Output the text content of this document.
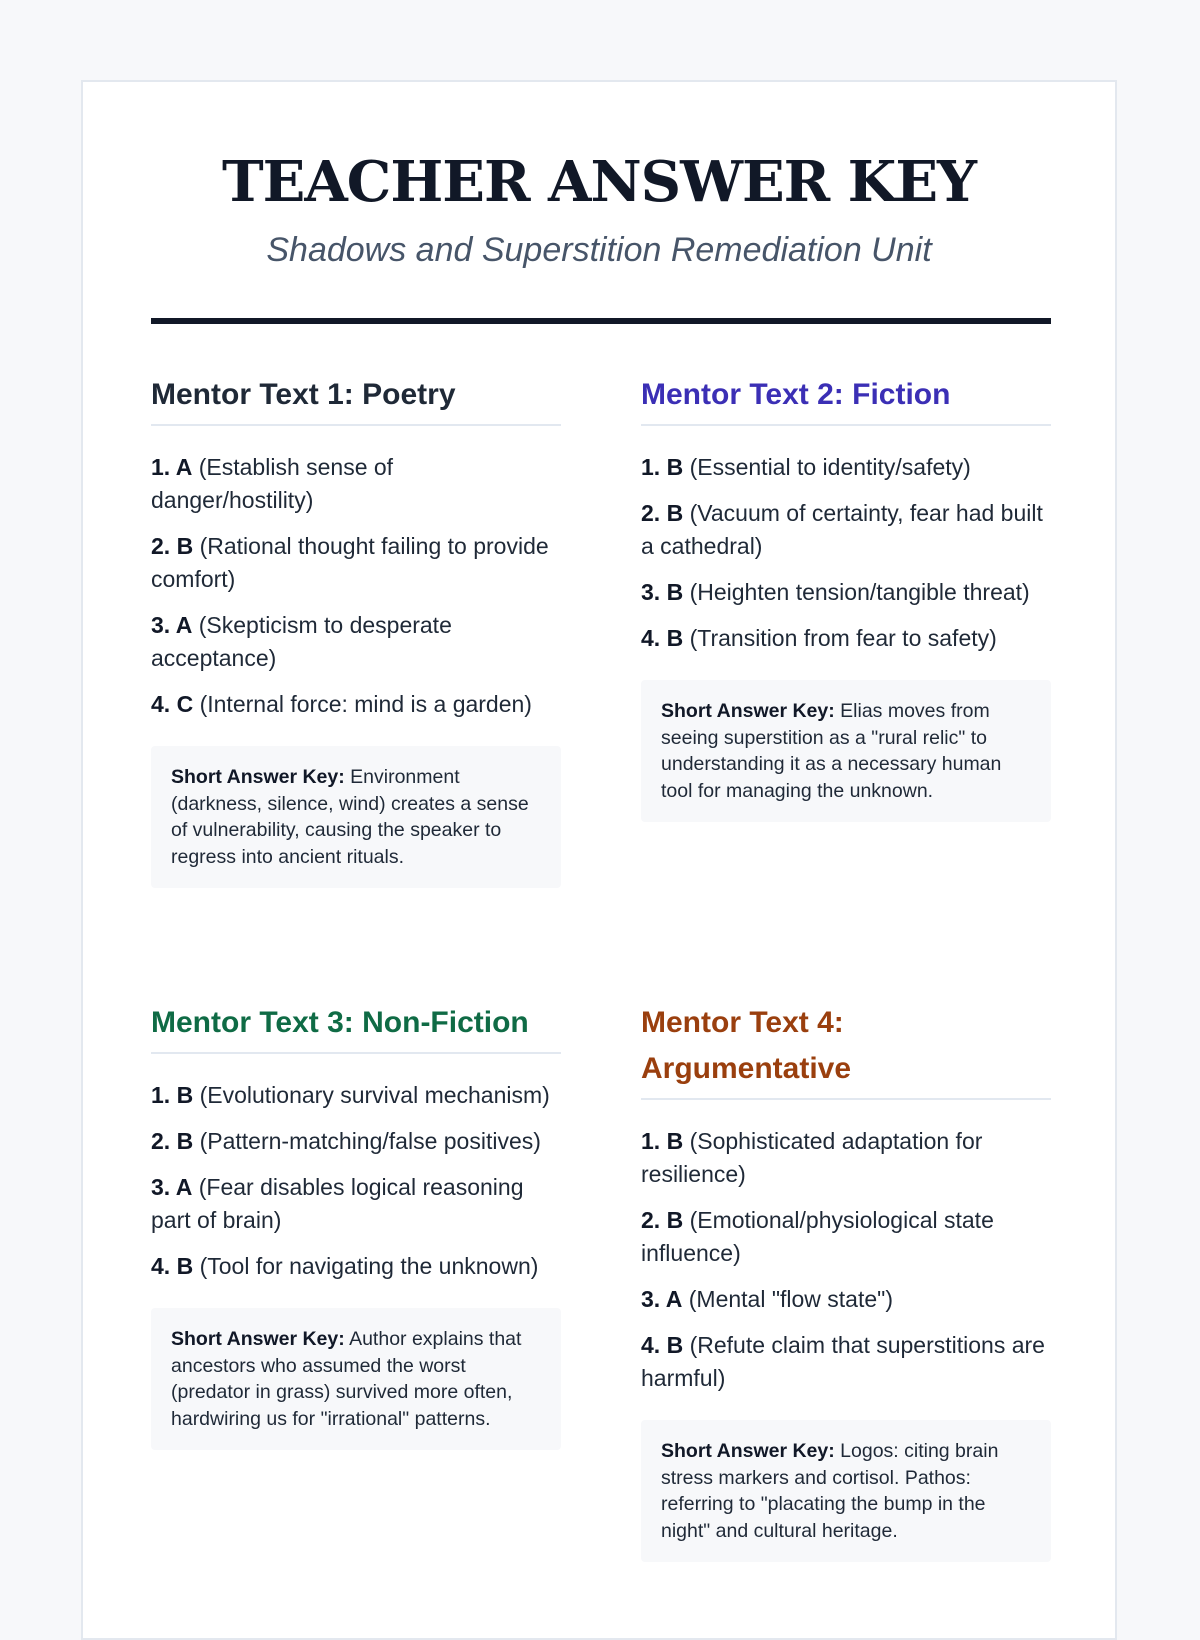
TEACHER ANSWER KEY
Shadows and Superstition Remediation Unit
Mentor Text 1: Poetry
1. A (Establish sense of danger/hostility)
2. B (Rational thought failing to provide comfort)
3. A (Skepticism to desperate acceptance)
4. C (Internal force: mind is a garden)
Short Answer Key: Environment (darkness, silence, wind) creates a sense of vulnerability, causing the speaker to regress into ancient rituals.
Mentor Text 2: Fiction
1. B (Essential to identity/safety)
2. B (Vacuum of certainty, fear had built a cathedral)
3. B (Heighten tension/tangible threat)
4. B (Transition from fear to safety)
Short Answer Key: Elias moves from seeing superstition as a "rural relic" to understanding it as a necessary human tool for managing the unknown.
Mentor Text 3: Non-Fiction
1. B (Evolutionary survival mechanism)
2. B (Pattern-matching/false positives)
3. A (Fear disables logical reasoning part of brain)
4. B (Tool for navigating the unknown)
Short Answer Key: Author explains that ancestors who assumed the worst (predator in grass) survived more often, hardwiring us for "irrational" patterns.
Mentor Text 4: Argumentative
1. B (Sophisticated adaptation for resilience)
2. B (Emotional/physiological state influence)
3. A (Mental "flow state")
4. B (Refute claim that superstitions are harmful)
Short Answer Key: Logos: citing brain stress markers and cortisol. Pathos: referring to "placating the bump in the night" and cultural heritage.
